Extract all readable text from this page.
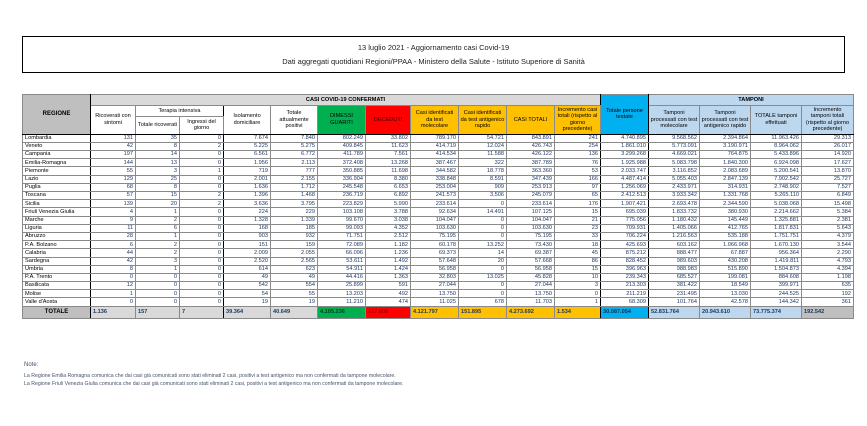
13 luglio 2021 - Aggiornamento casi Covid-19
Dati aggregati quotidiani Regioni/PPAA - Ministero della Salute - Istituto Superiore di Sanità
REGIONE	CASI COVID-19 CONFERMATI											Totale persone testate	TAMPONI			
	Ricoverati con sintomi	Terapia intensiva		Isolamento domiciliare	Totale attualmente positivi	DIMESSI GUARITI	DECEDUTI	Casi identificati da test molecolare	Casi identificati da test antigenico rapido	CASI TOTALI	Incremento casi totali (rispetto al giorno precedente)		Tamponi processati con test molecolare	Tamponi processati con test antigenico rapido	TOTALE tamponi effettuati	Incremento tamponi totali (rispetto al giorno precedente)
		Totale ricoverati	Ingressi del giorno													
Lombardia	131	35	0	7.674	7.840	802.249	33.802	789.170	54.721	843.891	241	4.740.895	9.568.562	2.394.864	11.963.426	29.313
Veneto	42	8	2	5.225	5.275	409.845	11.623	414.719	12.024	426.743	254	1.861.010	5.773.091	3.190.971	8.964.062	26.017
Campania	197	14	0	6.561	6.772	411.789	7.561	414.534	11.588	426.122	136	3.299.268	4.669.021	764.875	5.433.896	14.920
Emilia-Romagna	144	13	0	1.956	2.113	372.408	13.268	387.467	322	387.789	76	1.925.988	5.083.798	1.840.300	6.924.098	17.627
Piemonte	55	3	1	719	777	350.885	11.698	344.582	18.778	363.360	53	2.033.747	3.116.852	2.083.689	5.200.541	13.870
Lazio	129	25	0	2.001	2.155	336.904	8.380	338.848	8.591	347.439	166	4.487.414	5.055.403	2.847.139	7.902.542	25.727
Puglia	68	8	0	1.636	1.712	245.548	6.653	253.004	909	253.913	97	1.256.069	2.433.971	314.931	2.748.902	7.527
Toscana	57	15	2	1.396	1.468	236.719	6.892	241.573	3.506	245.079	65	2.412.513	3.933.342	1.331.768	5.265.110	6.849
Sicilia	139	20	2	3.636	3.795	223.829	5.990	233.614	0	233.614	176	1.907.421	2.693.478	2.344.590	5.038.068	15.498
Friuli Venezia Giulia	4	1	0	224	229	103.108	3.788	92.634	14.491	107.125	15	695.039	1.833.732	380.930	2.214.662	5.384
Marche	9	2	0	1.328	1.339	99.670	3.038	104.047	0	104.047	21	775.056	1.180.432	145.449	1.325.881	2.381
Liguria	11	6	0	168	185	99.093	4.352	103.630	0	103.630	23	709.931	1.405.066	412.765	1.817.831	5.643
Abruzzo	28	1	0	903	932	71.751	2.512	75.195	0	75.195	33	706.224	1.216.563	535.188	1.751.751	4.379
P.A. Bolzano	6	2	0	151	159	72.089	1.182	60.178	13.252	73.430	18	425.693	603.162	1.066.968	1.670.130	3.544
Calabria	44	2	0	2.009	2.055	66.096	1.236	69.373	14	69.387	45	875.212	888.477	67.887	956.364	2.290
Sardegna	42	3	0	2.520	2.565	53.611	1.492	57.648	20	57.668	86	828.452	989.603	430.208	1.419.811	4.793
Umbria	8	1	0	614	623	54.911	1.424	56.958	0	56.958	15	396.963	988.983	515.890	1.504.873	4.394
P.A. Trento	0	0	0	49	49	44.416	1.363	32.803	13.025	45.828	10	239.343	685.527	199.081	884.608	1.198
Basilicata	12	0	0	542	554	25.899	591	27.044	0	27.044	3	213.303	381.422	18.549	399.971	635
Molise	1	0	0	54	55	13.203	492	13.750	0	13.750	0	211.219	231.495	13.030	244.525	192
Valle d'Aosta	0	0	0	19	19	11.210	474	11.025	678	11.703	1	68.309	101.764	42.578	144.342	361
TOTALE	1.136	157	7	39.364	40.649	4.105.236	127.808	4.121.797	151.895	4.273.692	1.534	30.087.054	52.831.764	20.943.610	73.775.374	192.542
Note:
La Regione Emilia Romagna comunica che dai casi già comunicati sono stati eliminati 2 casi, positivi a test antigenico ma non confermati da tampone molecolare.
La Regione Friuli Venezia Giulia comunica che dai casi già comunicati sono stati eliminati 2 casi, positivi a test antigenico ma non confermati da tampone molecolare.
